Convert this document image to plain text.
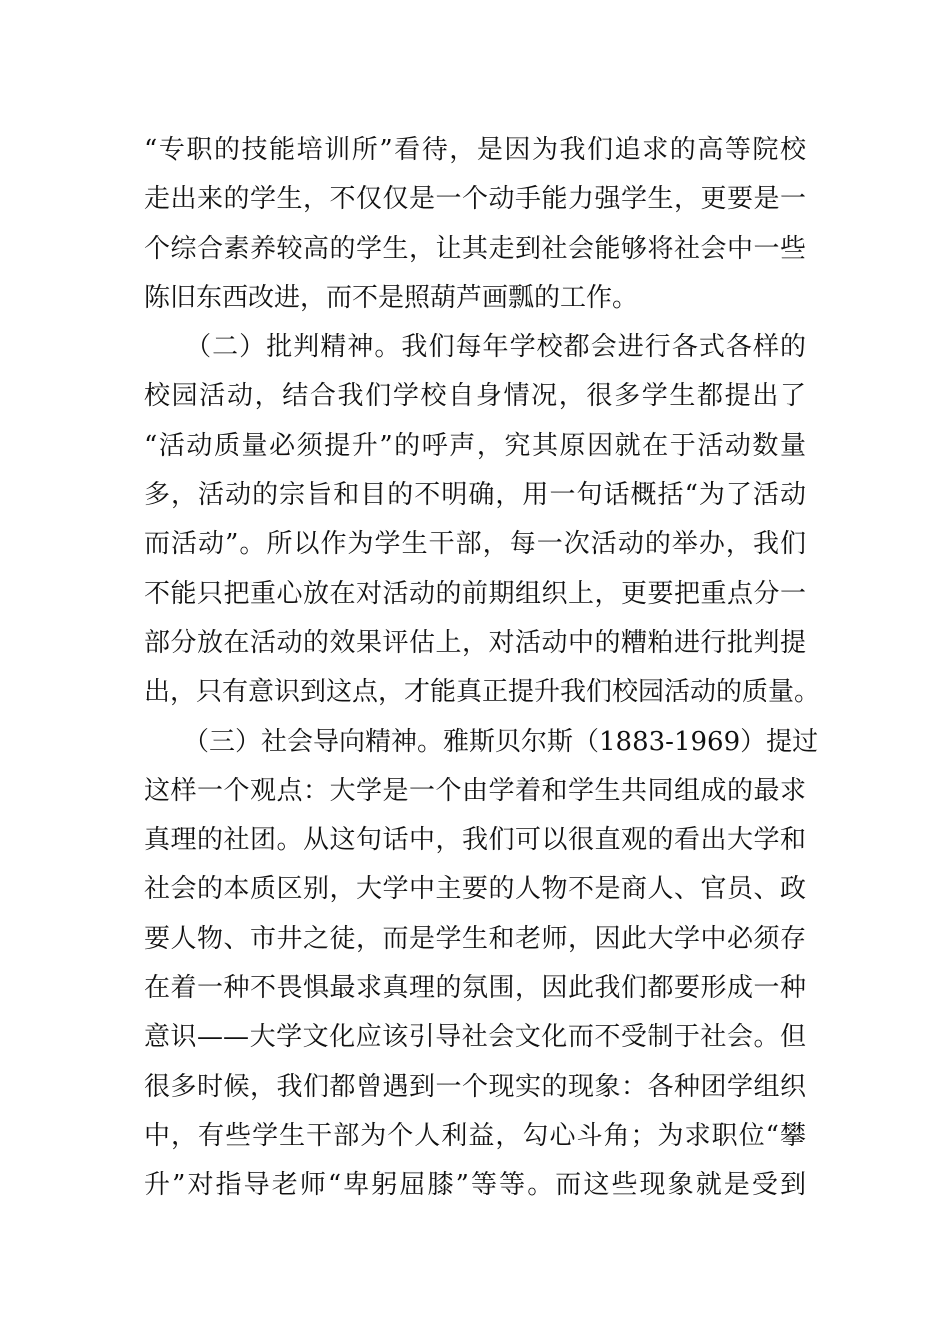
“专职的技能培训所”看待，是因为我们追求的高等院校
走出来的学生，不仅仅是一个动手能力强学生，更要是一
个综合素养较高的学生，让其走到社会能够将社会中一些
陈旧东西改进，而不是照葫芦画瓢的工作。
　　（二）批判精神。我们每年学校都会进行各式各样的
校园活动，结合我们学校自身情况，很多学生都提出了
“活动质量必须提升”的呼声，究其原因就在于活动数量
多，活动的宗旨和目的不明确，用一句话概括“为了活动
而活动”。所以作为学生干部，每一次活动的举办，我们
不能只把重心放在对活动的前期组织上，更要把重点分一
部分放在活动的效果评估上，对活动中的糟粕进行批判提
出，只有意识到这点，才能真正提升我们校园活动的质量。
　　（三）社会导向精神。雅斯贝尔斯（1883-1969）提过
这样一个观点：大学是一个由学着和学生共同组成的最求
真理的社团。从这句话中，我们可以很直观的看出大学和
社会的本质区别，大学中主要的人物不是商人、官员、政
要人物、市井之徒，而是学生和老师，因此大学中必须存
在着一种不畏惧最求真理的氛围，因此我们都要形成一种
意识——大学文化应该引导社会文化而不受制于社会。但
很多时候，我们都曾遇到一个现实的现象：各种团学组织
中，有些学生干部为个人利益，勾心斗角；为求职位“攀
升”对指导老师“卑躬屈膝”等等。而这些现象就是受到
